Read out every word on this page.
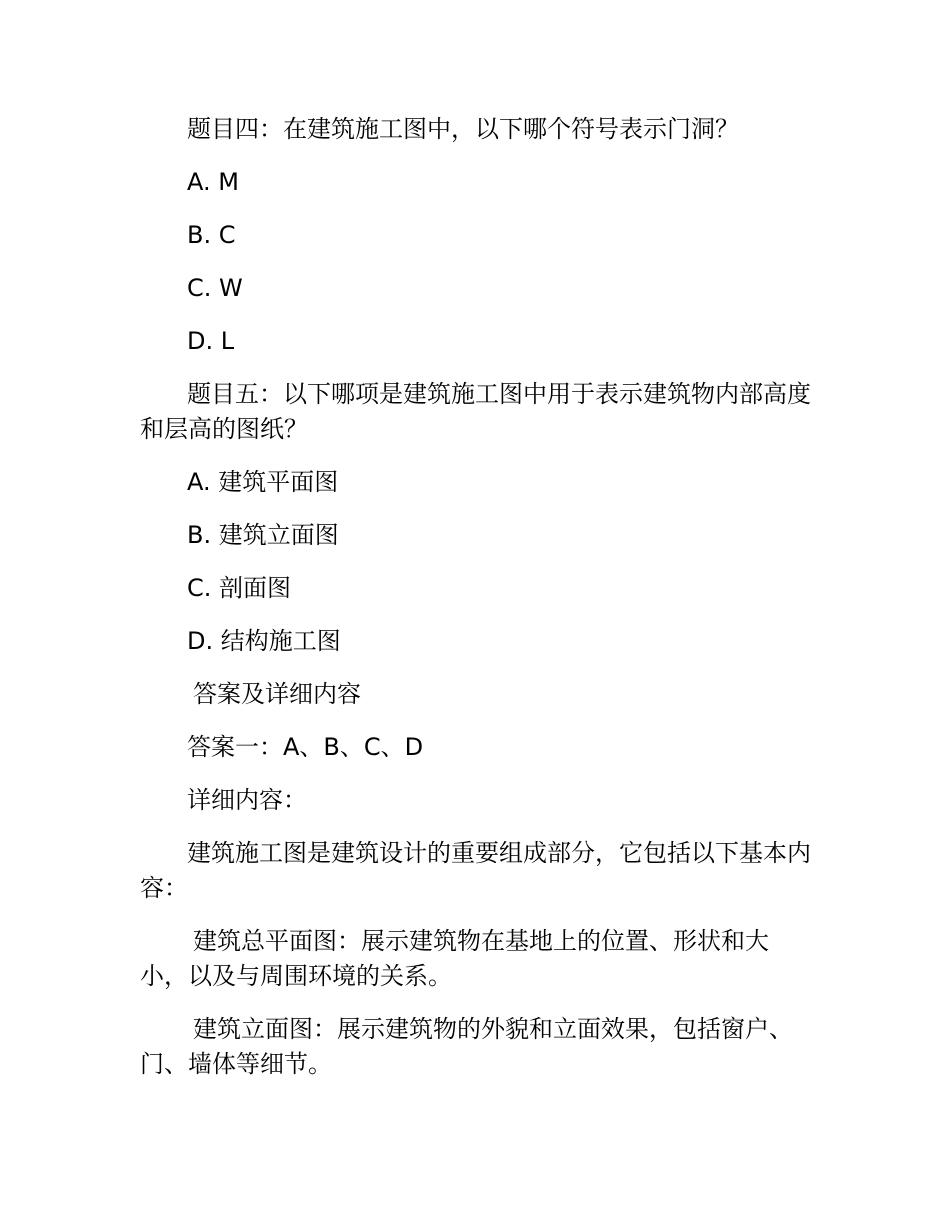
题目四：在建筑施工图中，以下哪个符号表示门洞？

A. M

B. C

C. W

D. L

题目五：以下哪项是建筑施工图中用于表示建筑物内部高度和层高的图纸？

A. 建筑平面图

B. 建筑立面图

C. 剖面图

D. 结构施工图

答案及详细内容

答案一：A、B、C、D

详细内容：

建筑施工图是建筑设计的重要组成部分，它包括以下基本内容：

建筑总平面图：展示建筑物在基地上的位置、形状和大小，以及与周围环境的关系。

建筑立面图：展示建筑物的外貌和立面效果，包括窗户、门、墙体等细节。
